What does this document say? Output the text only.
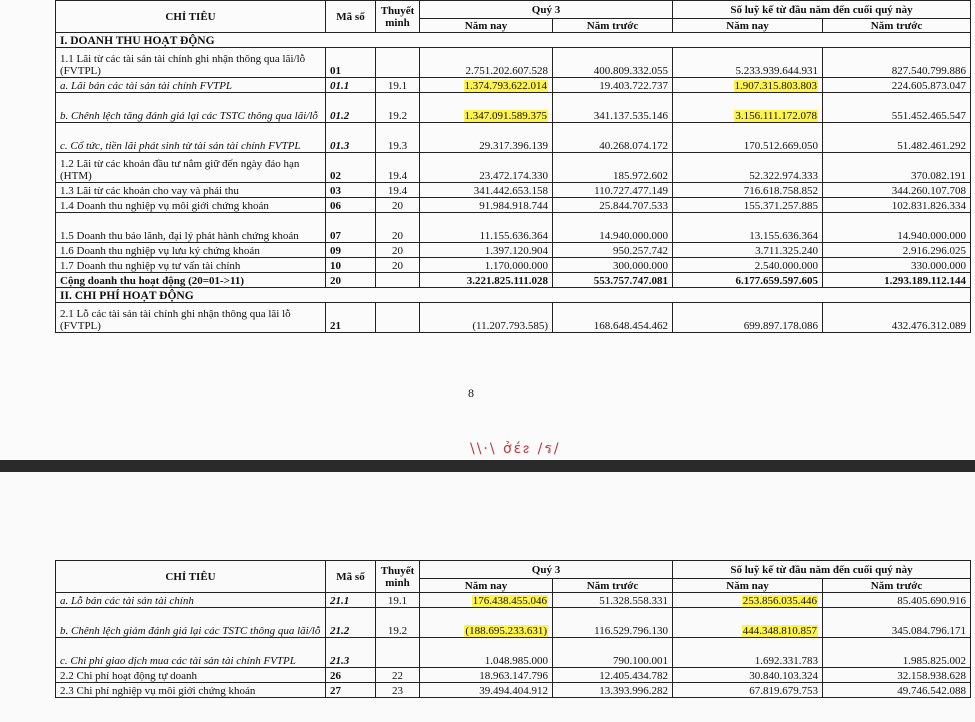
CHỈ TIÊU	Mã số	Thuyết minh	Quý 3		Số luỹ kế từ đầu năm đến cuối quý này	
			Năm nay	Năm trước	Năm nay	Năm trước
I. DOANH THU HOẠT ĐỘNG						
1.1 Lãi từ các tài sản tài chính ghi nhận thông qua lãi/lỗ (FVTPL)	01		2.751.202.607.528	400.809.332.055	5.233.939.644.931	827.540.799.886
a. Lãi bán các tài sản tài chính FVTPL	01.1	19.1	1.374.793.622.014	19.403.722.737	1.907.315.803.803	224.605.873.047
b. Chênh lệch tăng đánh giá lại các TSTC thông qua lãi/lỗ	01.2	19.2	1.347.091.589.375	341.137.535.146	3.156.111.172.078	551.452.465.547
c. Cổ tức, tiền lãi phát sinh từ tài sản tài chính FVTPL	01.3	19.3	29.317.396.139	40.268.074.172	170.512.669.050	51.482.461.292
1.2 Lãi từ các khoản đầu tư nắm giữ đến ngày đáo hạn (HTM)	02	19.4	23.472.174.330	185.972.602	52.322.974.333	370.082.191
1.3 Lãi từ các khoản cho vay và phải thu	03	19.4	341.442.653.158	110.727.477.149	716.618.758.852	344.260.107.708
1.4 Doanh thu nghiệp vụ môi giới chứng khoán	06	20	91.984.918.744	25.844.707.533	155.371.257.885	102.831.826.334
1.5 Doanh thu bảo lãnh, đại lý phát hành chứng khoán	07	20	11.155.636.364	14.940.000.000	13.155.636.364	14.940.000.000
1.6 Doanh thu nghiệp vụ lưu ký chứng khoán	09	20	1.397.120.904	950.257.742	3.711.325.240	2.916.296.025
1.7 Doanh thu nghiệp vụ tư vấn tài chính	10	20	1.170.000.000	300.000.000	2.540.000.000	330.000.000
Cộng doanh thu hoạt động (20=01->11)	20		3.221.825.111.028	553.757.747.081	6.177.659.597.605	1.293.189.112.144
II. CHI PHÍ HOẠT ĐỘNG						
2.1 Lỗ các tài sản tài chính ghi nhận thông qua lãi lỗ (FVTPL)	21		(11.207.793.585)	168.648.454.462	699.897.178.086	432.476.312.089
8
\\·\ ởɛ́ᴤ /ร/
CHỈ TIÊU	Mã số	Thuyết minh	Quý 3		Số luỹ kế từ đầu năm đến cuối quý này	
			Năm nay	Năm trước	Năm nay	Năm trước
a. Lỗ bán các tài sản tài chính	21.1	19.1	176.438.455.046	51.328.558.331	253.856.035.446	85.405.690.916
b. Chênh lệch giảm đánh giá lại các TSTC thông qua lãi/lỗ	21.2	19.2	(188.695.233.631)	116.529.796.130	444.348.810.857	345.084.796.171
c. Chi phí giao dịch mua các tài sản tài chính FVTPL	21.3		1.048.985.000	790.100.001	1.692.331.783	1.985.825.002
2.2 Chi phí hoạt động tự doanh	26	22	18.963.147.796	12.405.434.782	30.840.103.324	32.158.938.628
2.3 Chi phí nghiệp vụ môi giới chứng khoán	27	23	39.494.404.912	13.393.996.282	67.819.679.753	49.746.542.088
